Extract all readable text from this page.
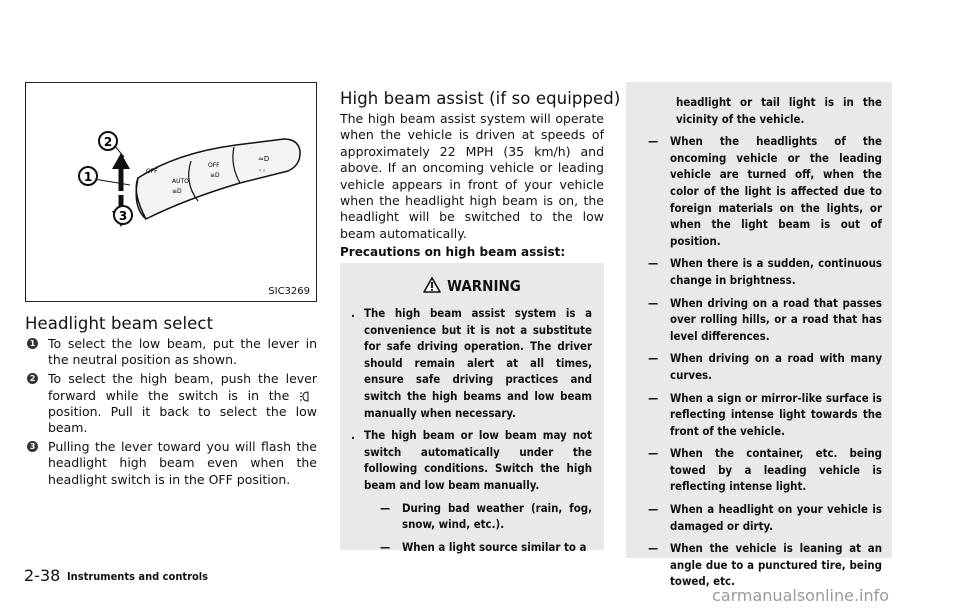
OFF
AUTO
≡D
OFF
≡D
≈D
◦◦
2
1
3
SIC3269
Headlight beam select
1 To select the low beam, put the lever in the neutral position as shown.
2 To select the high beam, push the lever forward while the switch is in the  position. Pull it back to select the low beam.
3 Pulling the lever toward you will flash the headlight high beam even when the headlight switch is in the OFF position.
High beam assist (if so equipped)
The high beam assist system will operate when the vehicle is driven at speeds of approximately 22 MPH (35 km/h) and above. If an oncoming vehicle or leading vehicle appears in front of your vehicle when the headlight high beam is on, the headlight will be switched to the low beam automatically.
Precautions on high beam assist:
WARNING
. The high beam assist system is a convenience but it is not a substitute for safe driving operation. The driver should remain alert at all times, ensure safe driving practices and switch the high beams and low beam manually when necessary.
. The high beam or low beam may not switch automatically under the following conditions. Switch the high beam and low beam manually.
— During bad weather (rain, fog, snow, wind, etc.).
— When a light source similar to a
headlight or tail light is in the vicinity of the vehicle.
— When the headlights of the oncoming vehicle or the leading vehicle are turned off, when the color of the light is affected due to foreign materials on the lights, or when the light beam is out of position.
— When there is a sudden, continuous change in brightness.
— When driving on a road that passes over rolling hills, or a road that has level differences.
— When driving on a road with many curves.
— When a sign or mirror-like surface is reflecting intense light towards the front of the vehicle.
— When the container, etc. being towed by a leading vehicle is reflecting intense light.
— When a headlight on your vehicle is damaged or dirty.
— When the vehicle is leaning at an angle due to a punctured tire, being towed, etc.
2-38 Instruments and controls
carmanualsonline.info
